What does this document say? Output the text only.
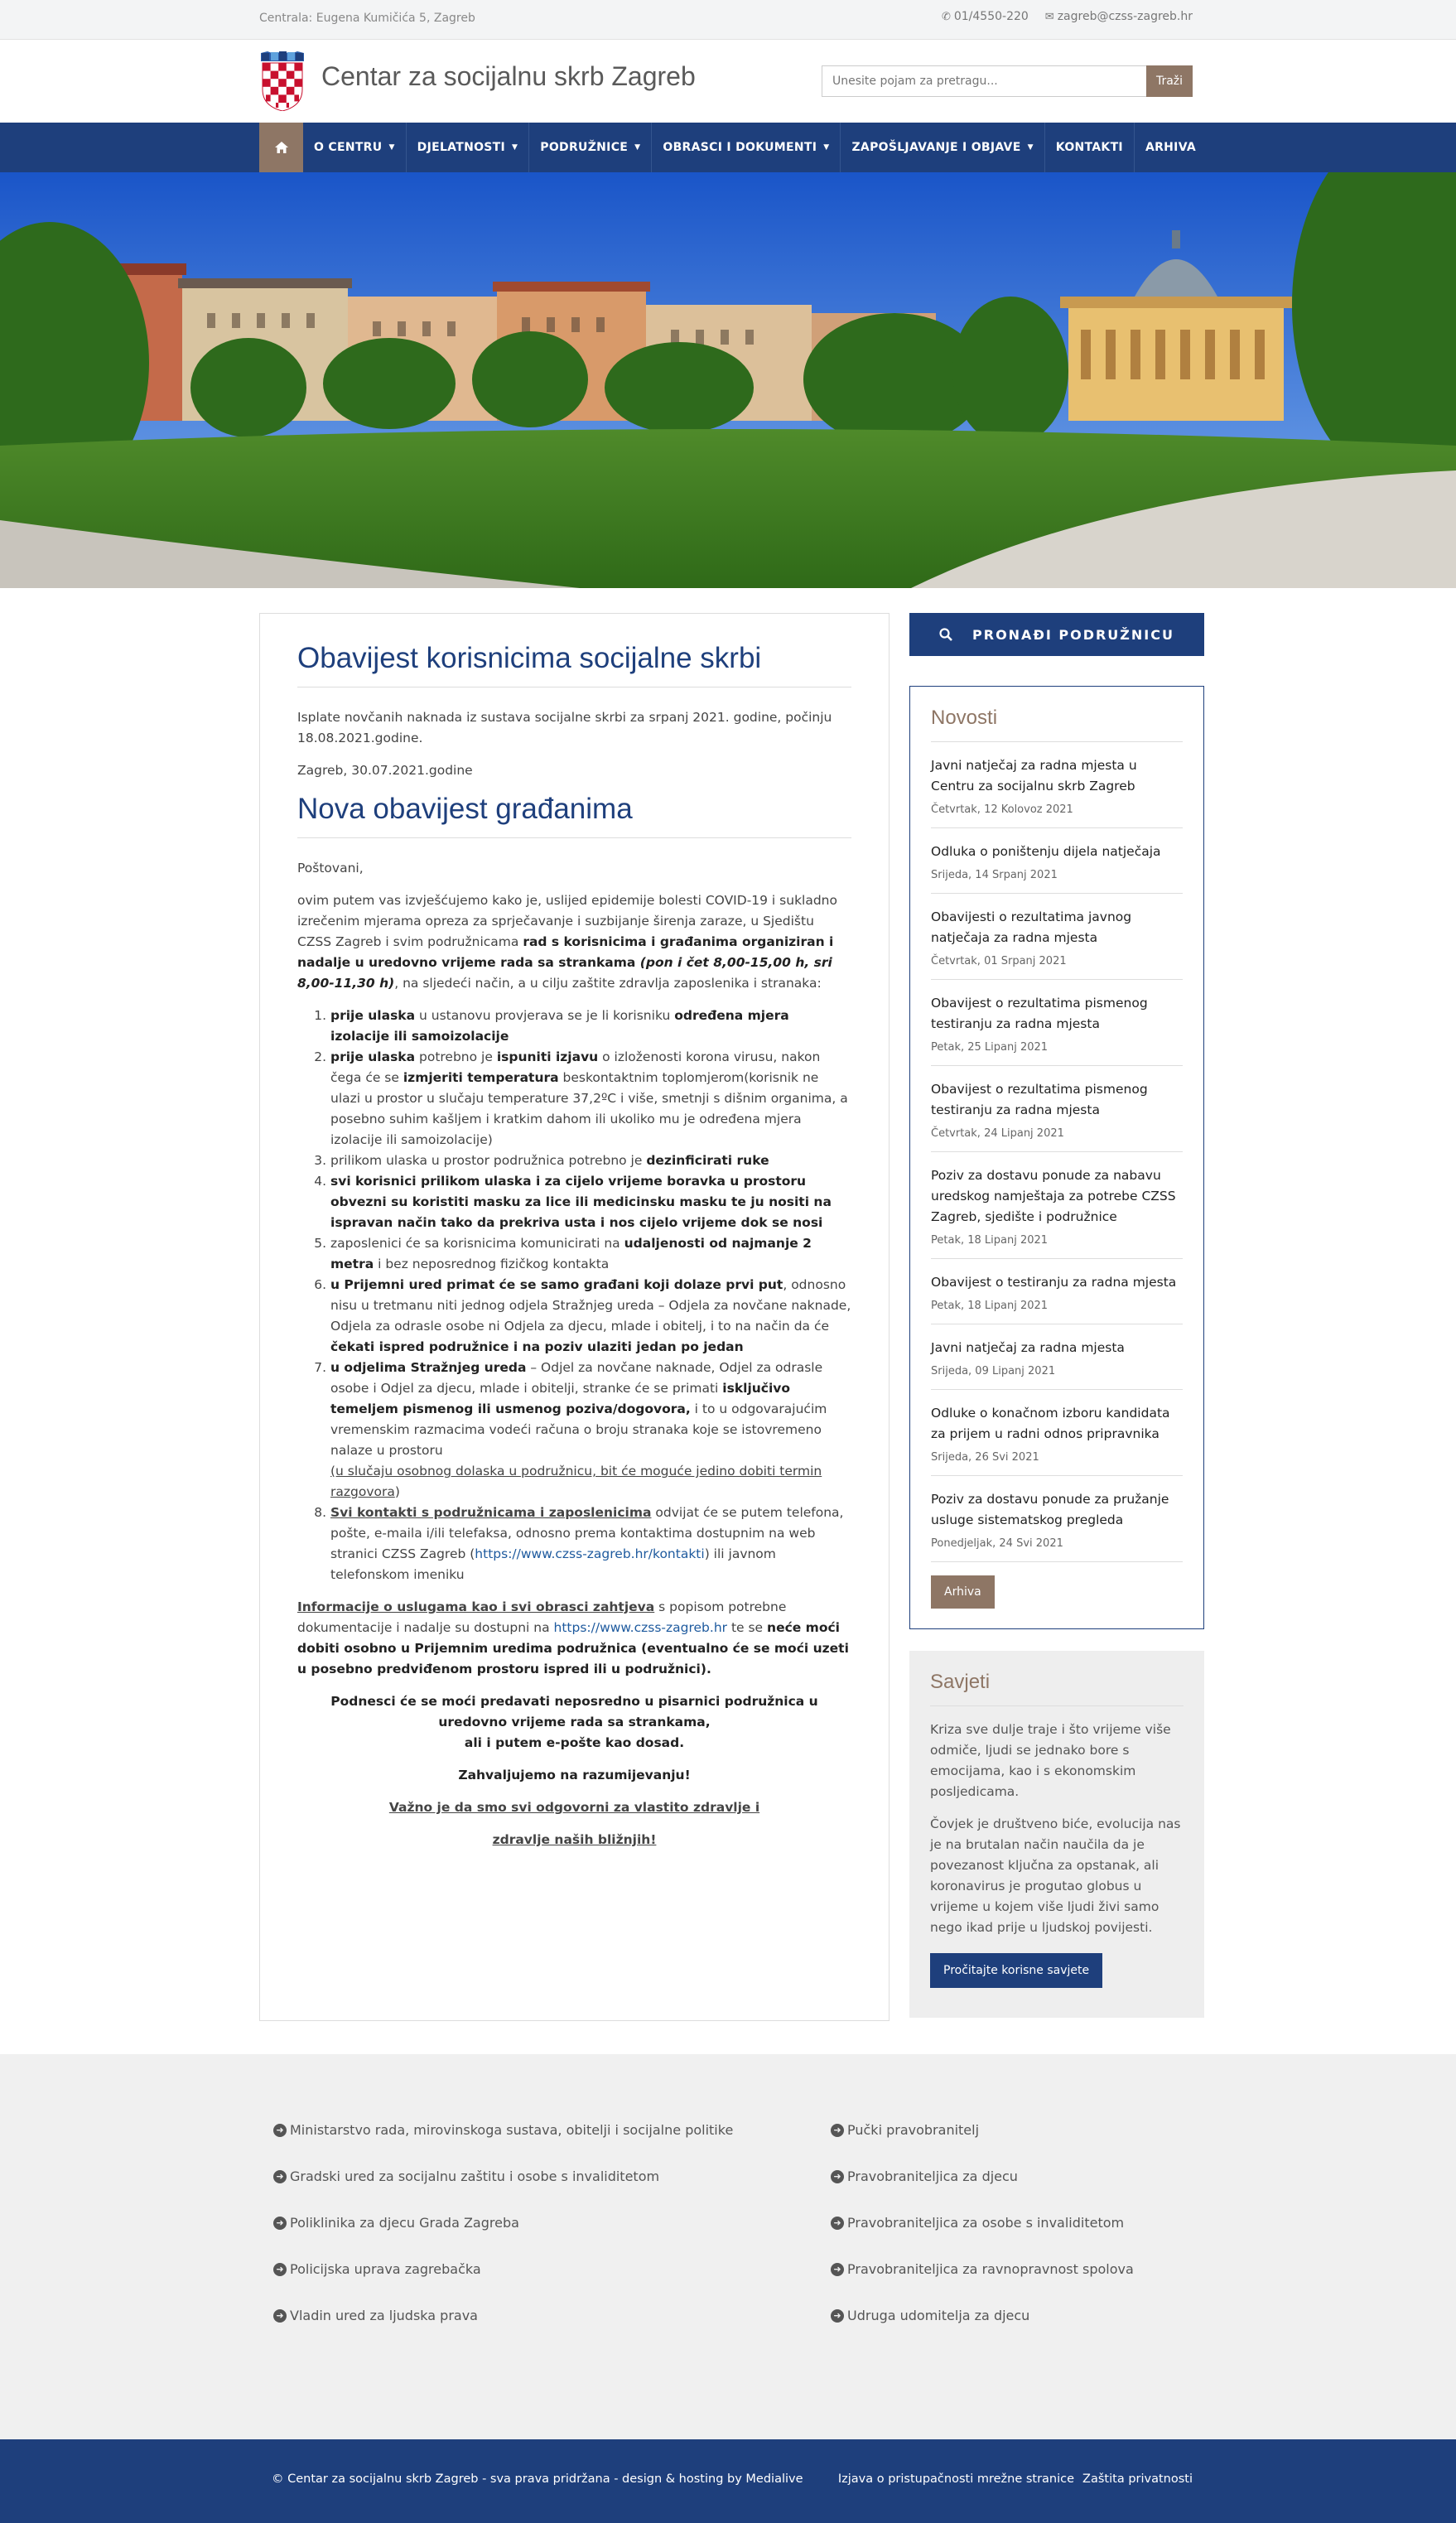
Centrala: Eugena Kumičića 5, Zagreb	✆ 01/4550-220 ✉ zagreb@czss-zagreb.hr
Centar za socijalnu skrb Zagreb
Unesite pojam za pretragu...	Traži
O CENTRU ▼ DJELATNOSTI ▼ PODRUŽNICE ▼ OBRASCI I DOKUMENTI ▼ ZAPOŠLJAVANJE I OBJAVE ▼ KONTAKTI ARHIVA
Obavijest korisnicima socijalne skrbi

Isplate novčanih naknada iz sustava socijalne skrbi za srpanj 2021. godine, počinju 18.08.2021.godine.

Zagreb, 30.07.2021.godine

Nova obavijest građanima

Poštovani,

ovim putem vas izvješćujemo kako je, uslijed epidemije bolesti COVID-19 i sukladno izrečenim mjerama opreza za sprječavanje i suzbijanje širenja zaraze, u Sjedištu CZSS Zagreb i svim podružnicama rad s korisnicima i građanima organiziran i nadalje u uredovno vrijeme rada sa strankama (pon i čet 8,00-15,00 h, sri 8,00-11,30 h), na sljedeći način, a u cilju zaštite zdravlja zaposlenika i stranaka:

1. prije ulaska u ustanovu provjerava se je li korisniku određena mjera izolacije ili samoizolacije
2. prije ulaska potrebno je ispuniti izjavu o izloženosti korona virusu, nakon čega će se izmjeriti temperatura beskontaktnim toplomjerom(korisnik ne ulazi u prostor u slučaju temperature 37,2ºC i više, smetnji s dišnim organima, a posebno suhim kašljem i kratkim dahom ili ukoliko mu je određena mjera izolacije ili samoizolacije)
3. prilikom ulaska u prostor podružnica potrebno je dezinficirati ruke
4. svi korisnici prilikom ulaska i za cijelo vrijeme boravka u prostoru obvezni su koristiti masku za lice ili medicinsku masku te ju nositi na ispravan način tako da prekriva usta i nos cijelo vrijeme dok se nosi
5. zaposlenici će sa korisnicima komunicirati na udaljenosti od najmanje 2 metra i bez neposrednog fizičkog kontakta
6. u Prijemni ured primat će se samo građani koji dolaze prvi put, odnosno nisu u tretmanu niti jednog odjela Stražnjeg ureda – Odjela za novčane naknade, Odjela za odrasle osobe ni Odjela za djecu, mlade i obitelj, i to na način da će čekati ispred podružnice i na poziv ulaziti jedan po jedan
7. u odjelima Stražnjeg ureda – Odjel za novčane naknade, Odjel za odrasle osobe i Odjel za djecu, mlade i obitelji, stranke će se primati isključivo temeljem pismenog ili usmenog poziva/dogovora, i to u odgovarajućim vremenskim razmacima vodeći računa o broju stranaka koje se istovremeno nalaze u prostoru
(u slučaju osobnog dolaska u podružnicu, bit će moguće jedino dobiti termin razgovora)
8. Svi kontakti s podružnicama i zaposlenicima odvijat će se putem telefona, pošte, e-maila i/ili telefaksa, odnosno prema kontaktima dostupnim na web stranici CZSS Zagreb (https://www.czss-zagreb.hr/kontakti) ili javnom telefonskom imeniku

Informacije o uslugama kao i svi obrasci zahtjeva s popisom potrebne dokumentacije i nadalje su dostupni na https://www.czss-zagreb.hr te se neće moći dobiti osobno u Prijemnim uredima podružnica (eventualno će se moći uzeti u posebno predviđenom prostoru ispred ili u podružnici).

Podnesci će se moći predavati neposredno u pisarnici podružnica u uredovno vrijeme rada sa strankama,
ali i putem e-pošte kao dosad.

Zahvaljujemo na razumijevanju!

Važno je da smo svi odgovorni za vlastito zdravlje i

zdravlje naših bližnjih!

PRONAĐI PODRUŽNICU
Novosti
Javni natječaj za radna mjesta u Centru za socijalnu skrb Zagreb
Četvrtak, 12 Kolovoz 2021
Odluka o poništenju dijela natječaja
Srijeda, 14 Srpanj 2021
Obavijesti o rezultatima javnog natječaja za radna mjesta
Četvrtak, 01 Srpanj 2021
Obavijest o rezultatima pismenog testiranju za radna mjesta
Petak, 25 Lipanj 2021
Obavijest o rezultatima pismenog testiranju za radna mjesta
Četvrtak, 24 Lipanj 2021
Poziv za dostavu ponude za nabavu uredskog namještaja za potrebe CZSS Zagreb, sjedište i podružnice
Petak, 18 Lipanj 2021
Obavijest o testiranju za radna mjesta
Petak, 18 Lipanj 2021
Javni natječaj za radna mjesta
Srijeda, 09 Lipanj 2021
Odluke o konačnom izboru kandidata za prijem u radni odnos pripravnika
Srijeda, 26 Svi 2021
Poziv za dostavu ponude za pružanje usluge sistematskog pregleda
Ponedjeljak, 24 Svi 2021
Arhiva
Savjeti

Kriza sve dulje traje i što vrijeme više odmiče, ljudi se jednako bore s emocijama, kao i s ekonomskim posljedicama.

Čovjek je društveno biće, evolucija nas je na brutalan način naučila da je povezanost ključna za opstanak, ali koronavirus je progutao globus u vrijeme u kojem više ljudi živi samo nego ikad prije u ljudskoj povijesti.

Pročitajte korisne savjete
➜ Ministarstvo rada, mirovinskoga sustava, obitelji i socijalne politike
➜ Gradski ured za socijalnu zaštitu i osobe s invaliditetom
➜ Poliklinika za djecu Grada Zagreba
➜ Policijska uprava zagrebačka
➜ Vladin ured za ljudska prava
➜ Pučki pravobranitelj
➜ Pravobraniteljica za djecu
➜ Pravobraniteljica za osobe s invaliditetom
➜ Pravobraniteljica za ravnopravnost spolova
➜ Udruga udomitelja za djecu
© Centar za socijalnu skrb Zagreb - sva prava pridržana - design & hosting by Medialive	Izjava o pristupačnosti mrežne stranice Zaštita privatnosti
